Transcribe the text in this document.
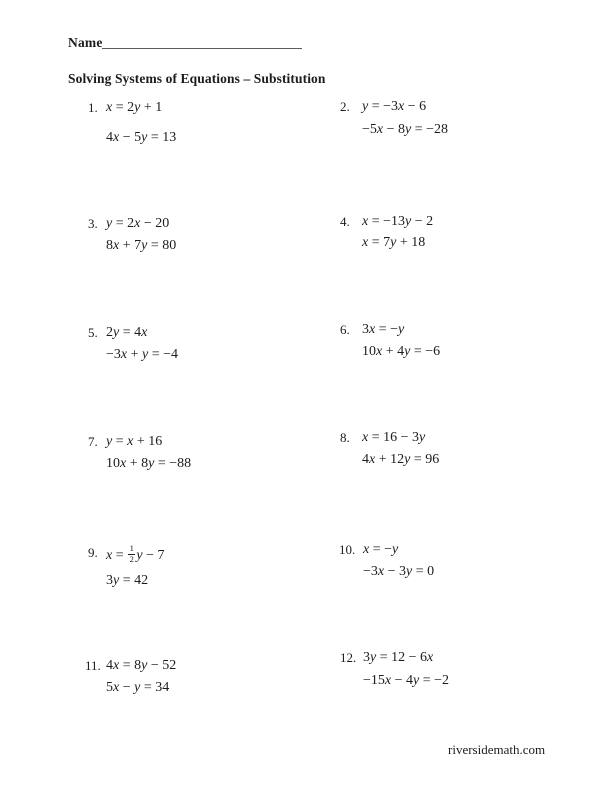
Name
Solving Systems of Equations – Substitution
1. x = 2y + 1
4x − 5y = 13
2. y = −3x − 6
−5x − 8y = −28
3. y = 2x − 20
8x + 7y = 80
4. x = −13y − 2
x = 7y + 18
5. 2y = 4x
−3x + y = −4
6. 3x = −y
10x + 4y = −6
7. y = x + 16
10x + 8y = −88
8. x = 16 − 3y
4x + 12y = 96
9. $x = \frac{1}{2}$ y − 7
3y = 42
10. x = −y
−3x − 3y = 0
11. 4x = 8y − 52
5x − y = 34
12. 3y = 12 − 6x
−15x − 4y = −2
riversidemath.com
